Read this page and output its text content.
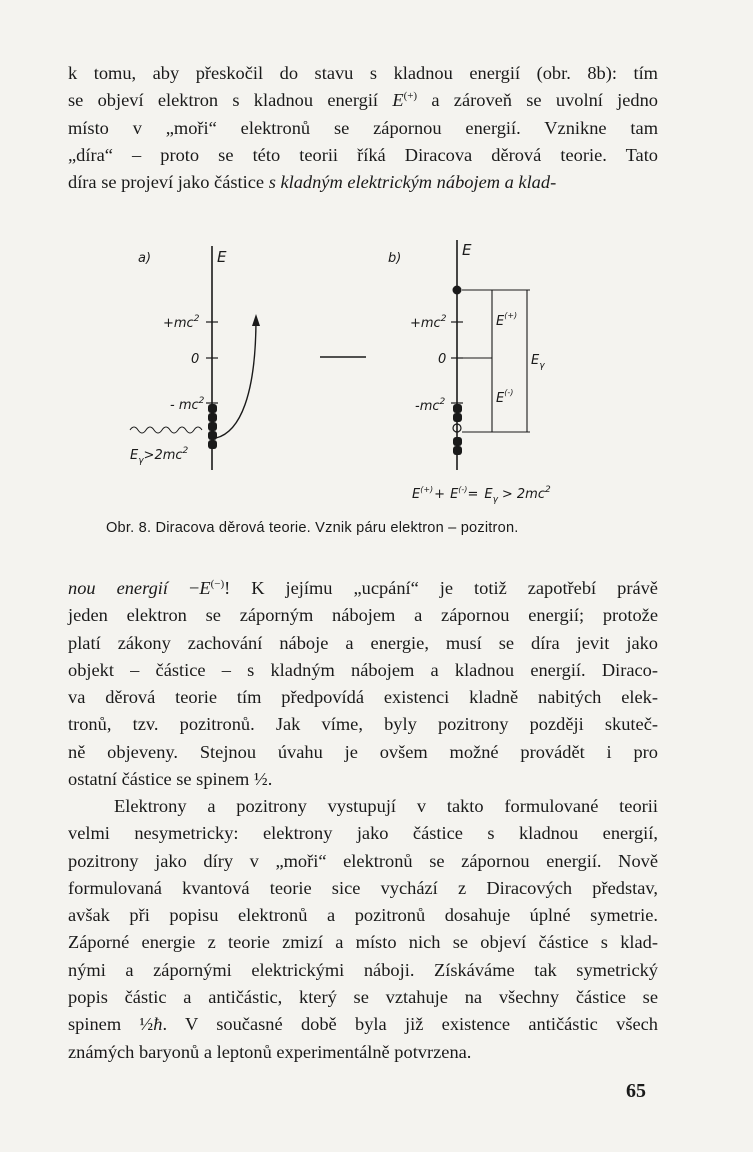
k tomu, aby přeskočil do stavu s kladnou energií (obr. 8b): tím
se objeví elektron s kladnou energií E(+) a zároveň se uvolní jedno
místo v „moři“ elektronů se zápornou energií. Vznikne tam
„díra“ – proto se této teorii říká Diracova děrová teorie. Tato
díra se projeví jako částice s kladným elektrickým nábojem a klad-

a)	E
$+mc^2$
0
- $mc^2$
$E_\gamma>2mc^2$
b)	E
$+mc^2$
0
$-mc^2$
E(+)
E(-)
$E_\gamma$
$E^{(+)}+ E^{(-)}= E_\gamma > 2mc^2$

Obr. 8. Diracova děrová teorie. Vznik páru elektron – pozitron.

nou energií −E(−)! K jejímu „ucpání“ je totiž zapotřebí právě
jeden elektron se záporným nábojem a zápornou energií; protože
platí zákony zachování náboje a energie, musí se díra jevit jako
objekt – částice – s kladným nábojem a kladnou energií. Diraco-
va děrová teorie tím předpovídá existenci kladně nabitých elek-
tronů, tzv. pozitronů. Jak víme, byly pozitrony později skuteč-
ně objeveny. Stejnou úvahu je ovšem možné provádět i pro
ostatní částice se spinem ½.

Elektrony a pozitrony vystupují v takto formulované teorii
velmi nesymetricky: elektrony jako částice s kladnou energií,
pozitrony jako díry v „moři“ elektronů se zápornou energií. Nově
formulovaná kvantová teorie sice vychází z Diracových představ,
avšak při popisu elektronů a pozitronů dosahuje úplné symetrie.
Záporné energie z teorie zmizí a místo nich se objeví částice s klad-
nými a zápornými elektrickými náboji. Získáváme tak symetrický
popis částic a antičástic, který se vztahuje na všechny částice se
spinem ½ħ. V současné době byla již existence antičástic všech
známých baryonů a leptonů experimentálně potvrzena.

65
